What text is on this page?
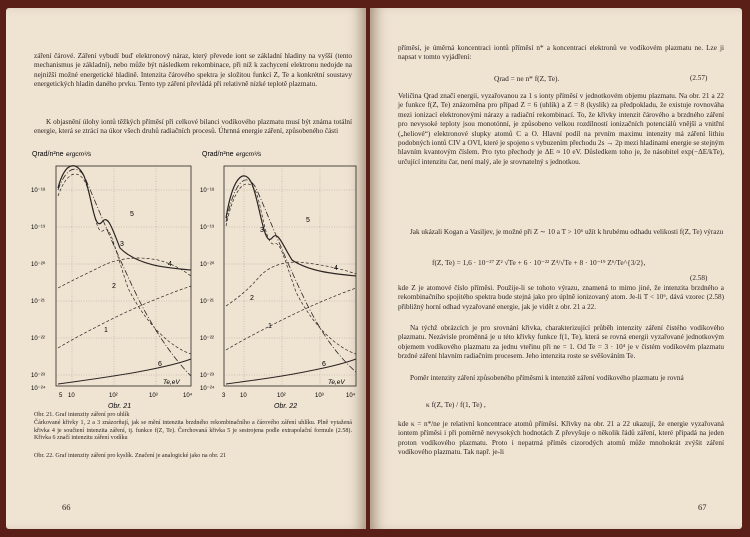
záření čárové. Záření vybudí buď elektronový náraz, který převede iont se základní hladiny na vyšší (tento mechanismus je základní), nebo může být následkem rekombinace, při níž k zachycení elektronu nedojde na nejnižší možné energetické hladině. Intenzita čárového spektra je složitou funkcí Z, Te a konkrétní soustavy energetických hladin daného prvku. Tento typ záření převládá při relativně nízké teplotě plazmatu.

K objasnění úlohy iontů těžkých příměsí při celkové bilanci vodíkového plazmatu musí být známa totální energie, která se ztrácí na úkor všech druhů radiačních procesů. Úhrnná energie záření, způsobeného části

Qrad/n²ne ergcm³/s
10⁻¹⁸
10⁻¹⁹
10⁻²⁰
10⁻²¹
10⁻²²
10⁻²³
10⁻²⁴
5 10	10²	10³	10⁴
Te,eV
1
2
3
4
5
6
Obr. 21
Qrad/n²ne ergcm³/s
10⁻¹⁸
10⁻¹⁹
10⁻²⁰
10⁻²¹
10⁻²²
10⁻²³
10⁻²⁴
3 10	10²	10³	10⁴
Te,eV
1
2
3
4
5
6
Obr. 22

Obr. 21. Graf intenzity záření pro uhlík

Čárkované křivky 1, 2 a 3 znázorňují, jak se mění intenzita brzdného rekombinačního a čárového záření uhlíku. Plně vytažená křivka 4 je součtení intenzita záření, tj. funkce f(Z, Te). Čerchovaná křivka 5 je sestrojena podle extrapolační formule (2.58). Křivka 6 značí intenzitu záření vodíku

Obr. 22. Graf intenzity záření pro kyslík. Značení je analogické jako na obr. 21

66

příměsí, je úměrná koncentraci iontů příměsí n* a koncentraci elektronů ve vodíkovém plazmatu ne. Lze ji napsat v tomto vyjádření:

Qrad = ne n* f(Z, Te).	(2.57)

Veličina Qrad značí energii, vyzařovanou za 1 s ionty příměsí v jednotkovém objemu plazmatu. Na obr. 21 a 22 je funkce f(Z, Te) znázorněna pro případ Z = 6 (uhlík) a Z = 8 (kyslík) za předpokladu, že existuje rovnováha mezi ionizací elektronovými nárazy a radiační rekombinací. To, že křivky intenzit čárového a brzdného záření pro nevysoké teploty jsou monotónní, je způsobeno velkou rozdílností ionizačních potenciálů vnější a vnitřní („heliové“) elektronové slupky atomů C a O. Hlavní podíl na prvním maximu intenzity má záření lithiu podobných iontů CIV a OVI, které je spojeno s vybuzením přechodu 2s → 2p mezi hladinami energie se stejným hlavním kvantovým číslem. Pro tyto přechody je ΔE ≈ 10 eV. Důsledkem toho je, že násobitel exp(−ΔE/kTe), určující intenzitu čar, není malý, ale je srovnatelný s jednotkou.

Jak ukázali Kogan a Vasiljev, je možné při Z ∼ 10 a T > 10⁶ užít k hrubému odhadu velikosti f(Z, Te) výrazu

f(Z, Te) = 1,6 · 10⁻²⁷ Z² √Te + 6 · 10⁻²² Z⁴/√Te + 8 · 10⁻¹⁹ Z⁶/Te^{3/2},
(2.58)

kde Z je atomové číslo příměsi. Použije-li se tohoto výrazu, znamená to mimo jiné, že intenzita brzdného a rekombinačního spojitého spektra bude stejná jako pro úplně ionizovaný atom. Je-li T < 10⁶, dává vzorec (2.58) přibližný horní odhad vyzařované energie, jak je vidět z obr. 21 a 22.

Na týchž obrázcích je pro srovnání křivka, charakterizující průběh intenzity záření čistého vodíkového plazmatu. Nezávisle proměnná je u této křivky funkce f(1, Te), která se rovná energii vyzařované jednotkovým objemem vodíkového plazmatu za jednu vteřinu při ne = 1. Od Te = 3 · 10⁴ je v čistém vodíkovém plazmatu brzdné záření hlavním radiačním procesem. Jeho intenzita roste se svěšováním Te.

Poměr intenzity záření způsobeného příměsmi k intenzitě záření vodíkového plazmatu je rovná

κ f(Z, Te) / f(1, Te) ,

kde κ = n*/ne je relativní koncentrace atomů příměsi. Křivky na obr. 21 a 22 ukazují, že energie vyzařovaná iontem příměsi i při poměrně nevysokých hodnotách Z převyšuje o několik řádů záření, které připadá na jeden proton vodíkového plazmatu. Proto i nepatrná příměs cizorodých atomů může mnohokrát zvýšit záření vodíkového plazmatu. Tak např. je-li

67
